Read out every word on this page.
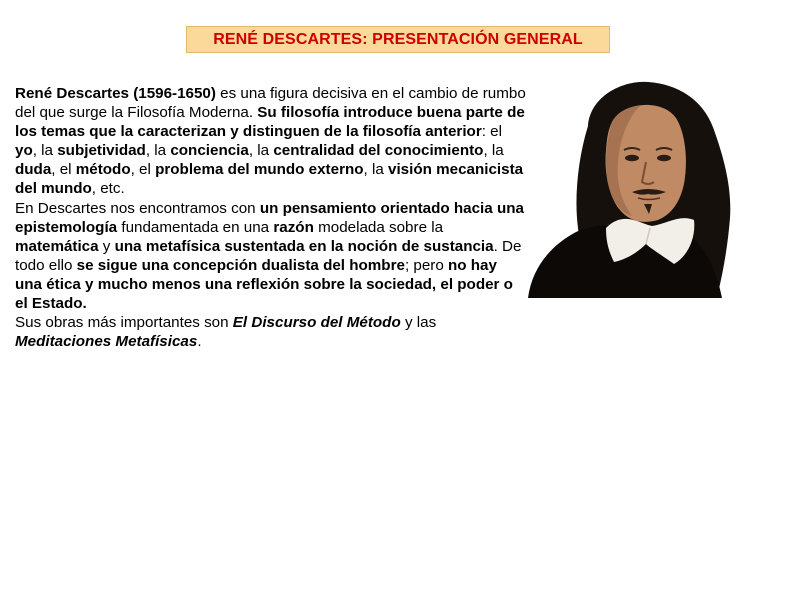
RENÉ DESCARTES: PRESENTACIÓN GENERAL

René Descartes (1596-1650) es una figura decisiva en el cambio de rumbo del que surge la Filosofía Moderna. Su filosofía introduce buena parte de los temas que la caracterizan y distinguen de la filosofía anterior: el yo, la subjetividad, la conciencia, la centralidad del conocimiento, la duda, el método, el problema del mundo externo, la visión mecanicista del mundo, etc.

En Descartes nos encontramos con un pensamiento orientado hacia una epistemología fundamentada en una razón modelada sobre la matemática y una metafísica sustentada en la noción de sustancia. De todo ello se sigue una concepción dualista del hombre; pero no hay una ética y mucho menos una reflexión sobre la sociedad, el poder o el Estado.

Sus obras más importantes son El Discurso del Método y las Meditaciones Metafísicas.
